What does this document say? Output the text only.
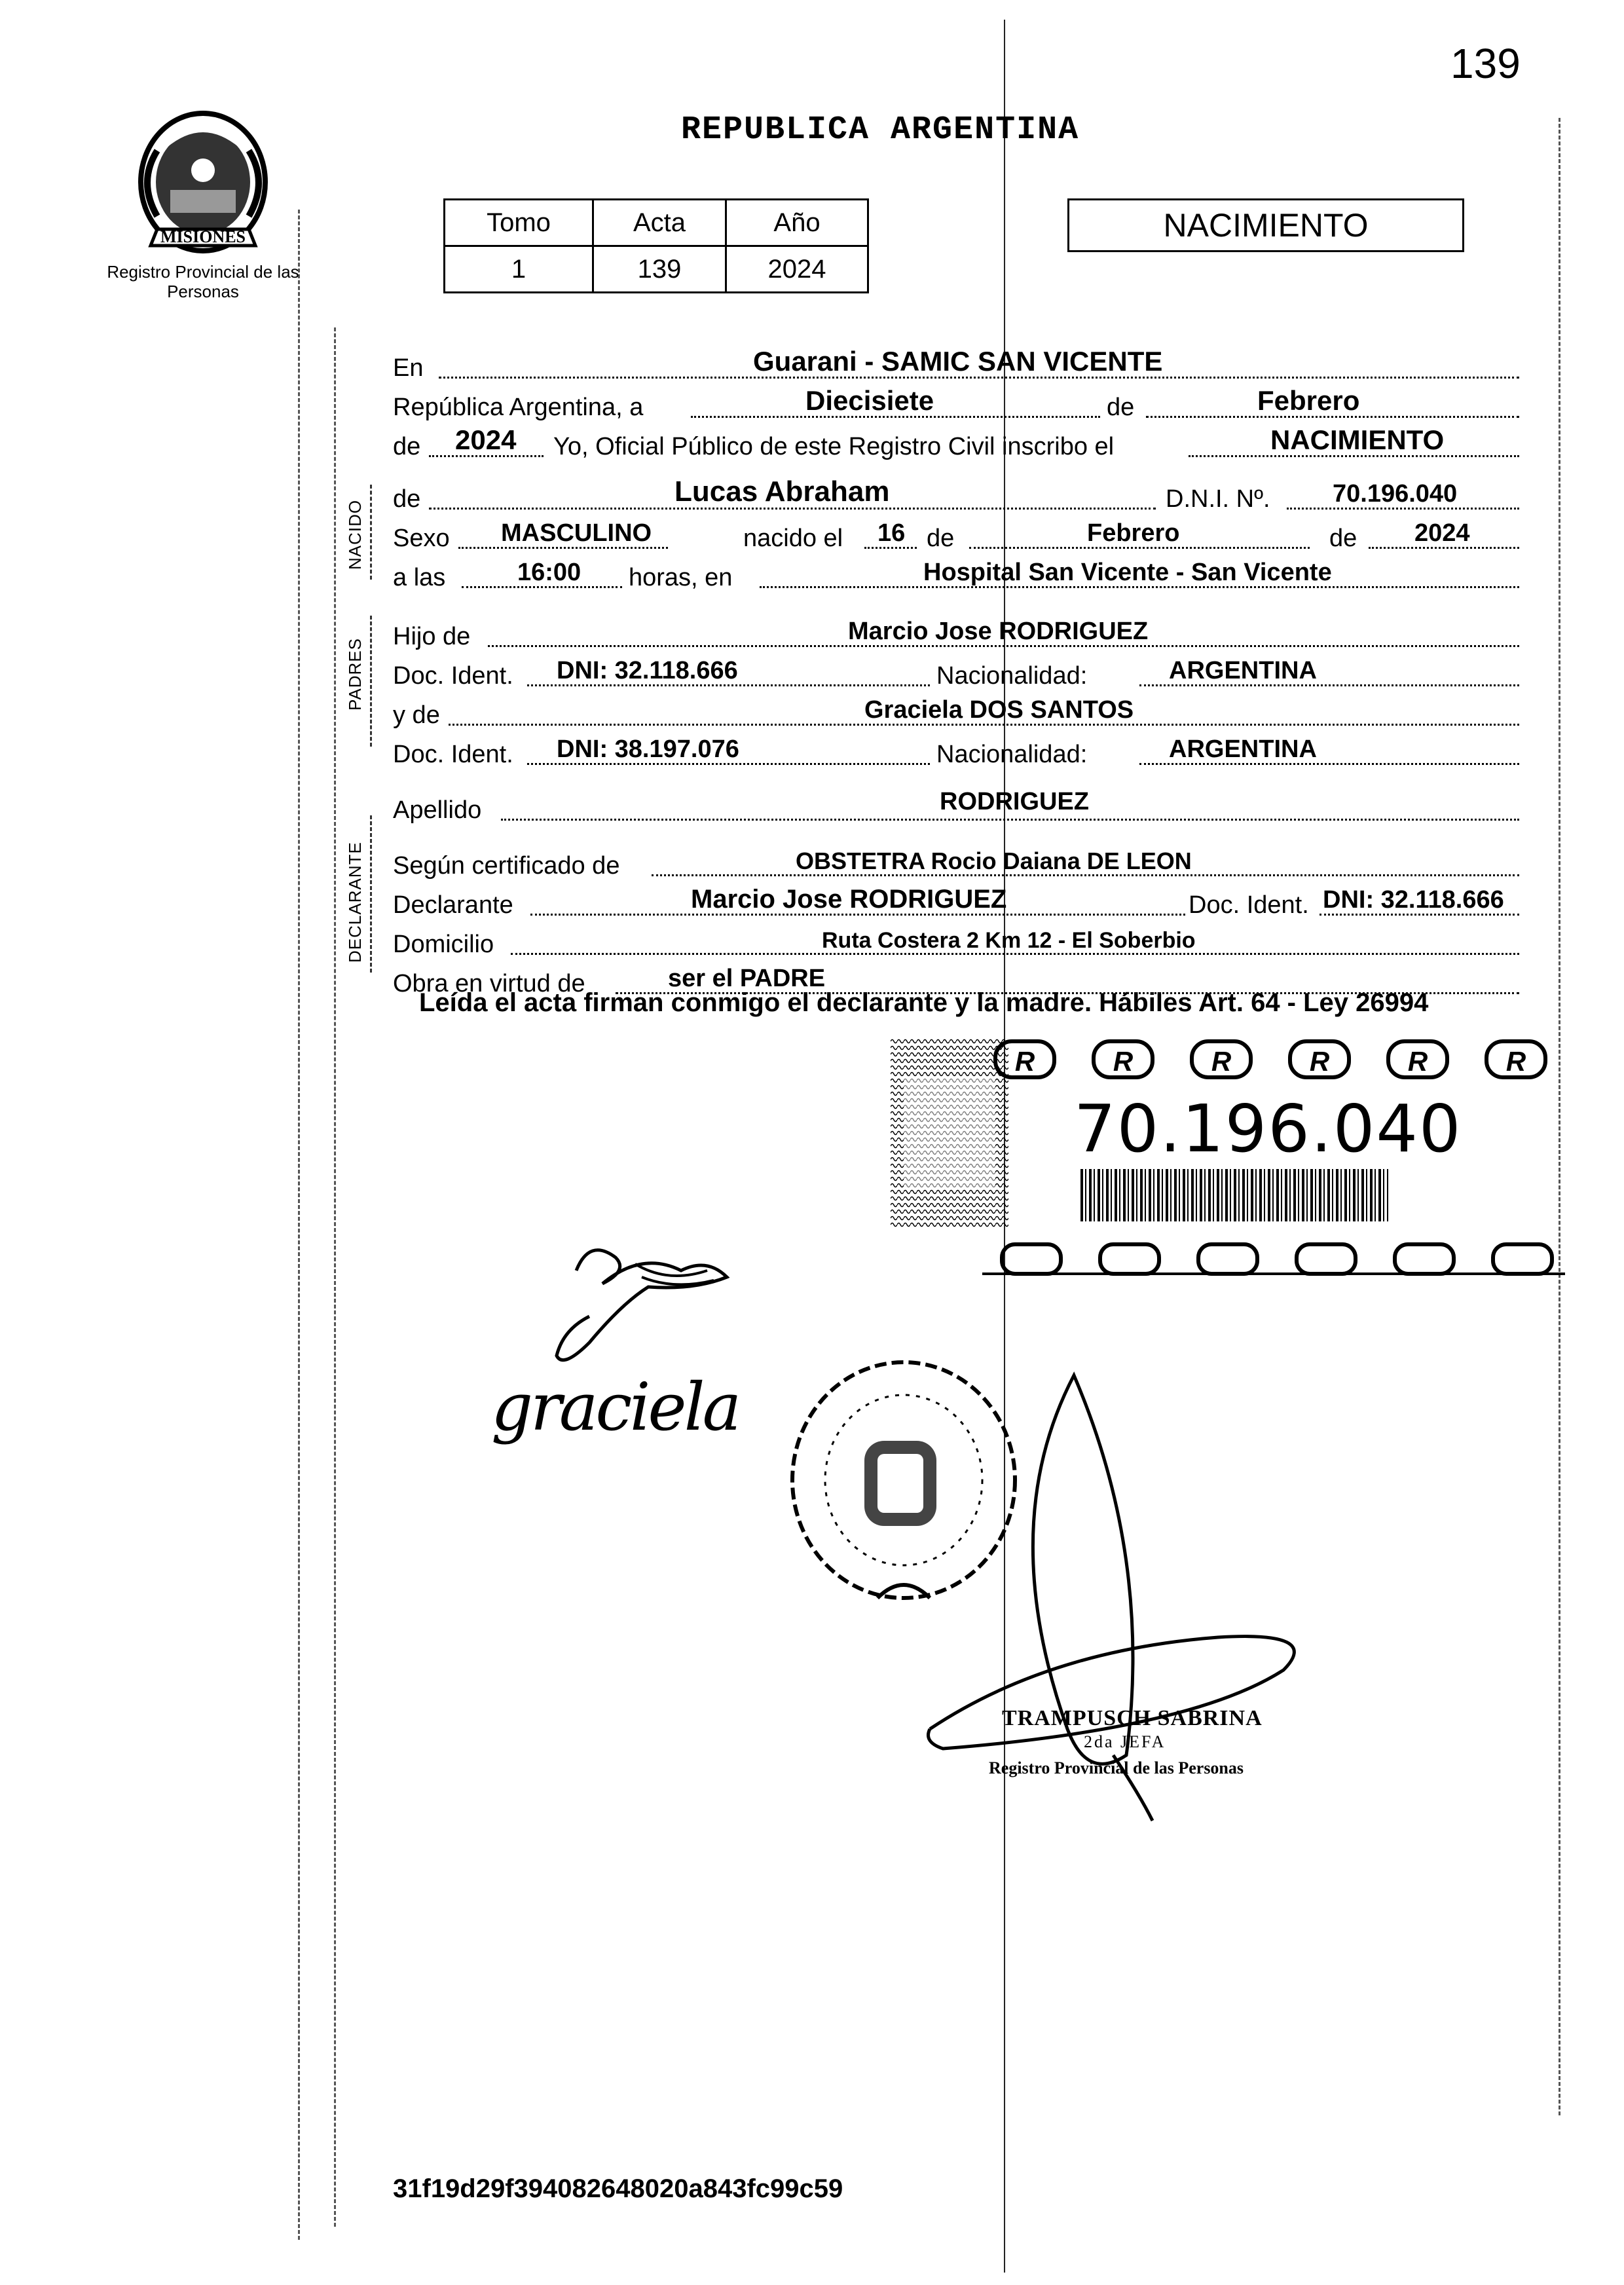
139
MISIONES
Registro Provincial de las Personas
REPUBLICA ARGENTINA
Tomo	Acta	Año
1	139	2024
NACIMIENTO
NACIDO
PADRES
DECLARANTE
En	Guarani - SAMIC SAN VICENTE
República Argentina, a	Diecisiete	de	Febrero
de 2024 Yo, Oficial Público de este Registro Civil inscribo el	NACIMIENTO
de	Lucas Abraham	D.N.I. Nº.	70.196.040
Sexo MASCULINO	nacido el 16 de	Febrero	de 2024
a las	16:00 horas, en	Hospital San Vicente - San Vicente
Hijo de	Marcio Jose RODRIGUEZ
Doc. Ident. DNI: 32.118.666	Nacionalidad:	ARGENTINA
y de	Graciela DOS SANTOS
Doc. Ident. DNI: 38.197.076	Nacionalidad:	ARGENTINA
Apellido	RODRIGUEZ
Según certificado de	OBSTETRA Rocio Daiana DE LEON
Declarante	Marcio Jose RODRIGUEZ	Doc. Ident. DNI: 32.118.666
Domicilio	Ruta Costera 2 Km 12 - El Soberbio
Obra en virtud de	ser el PADRE
Leída el acta firman conmigo el declarante y la madre. Hábiles Art. 64 - Ley 26994
R	R	R	R	R	R
70.196.040
graciela
TRAMPUSCH SABRINA
2da JEFA
Registro Provincial de las Personas
31f19d29f394082648020a843fc99c59
